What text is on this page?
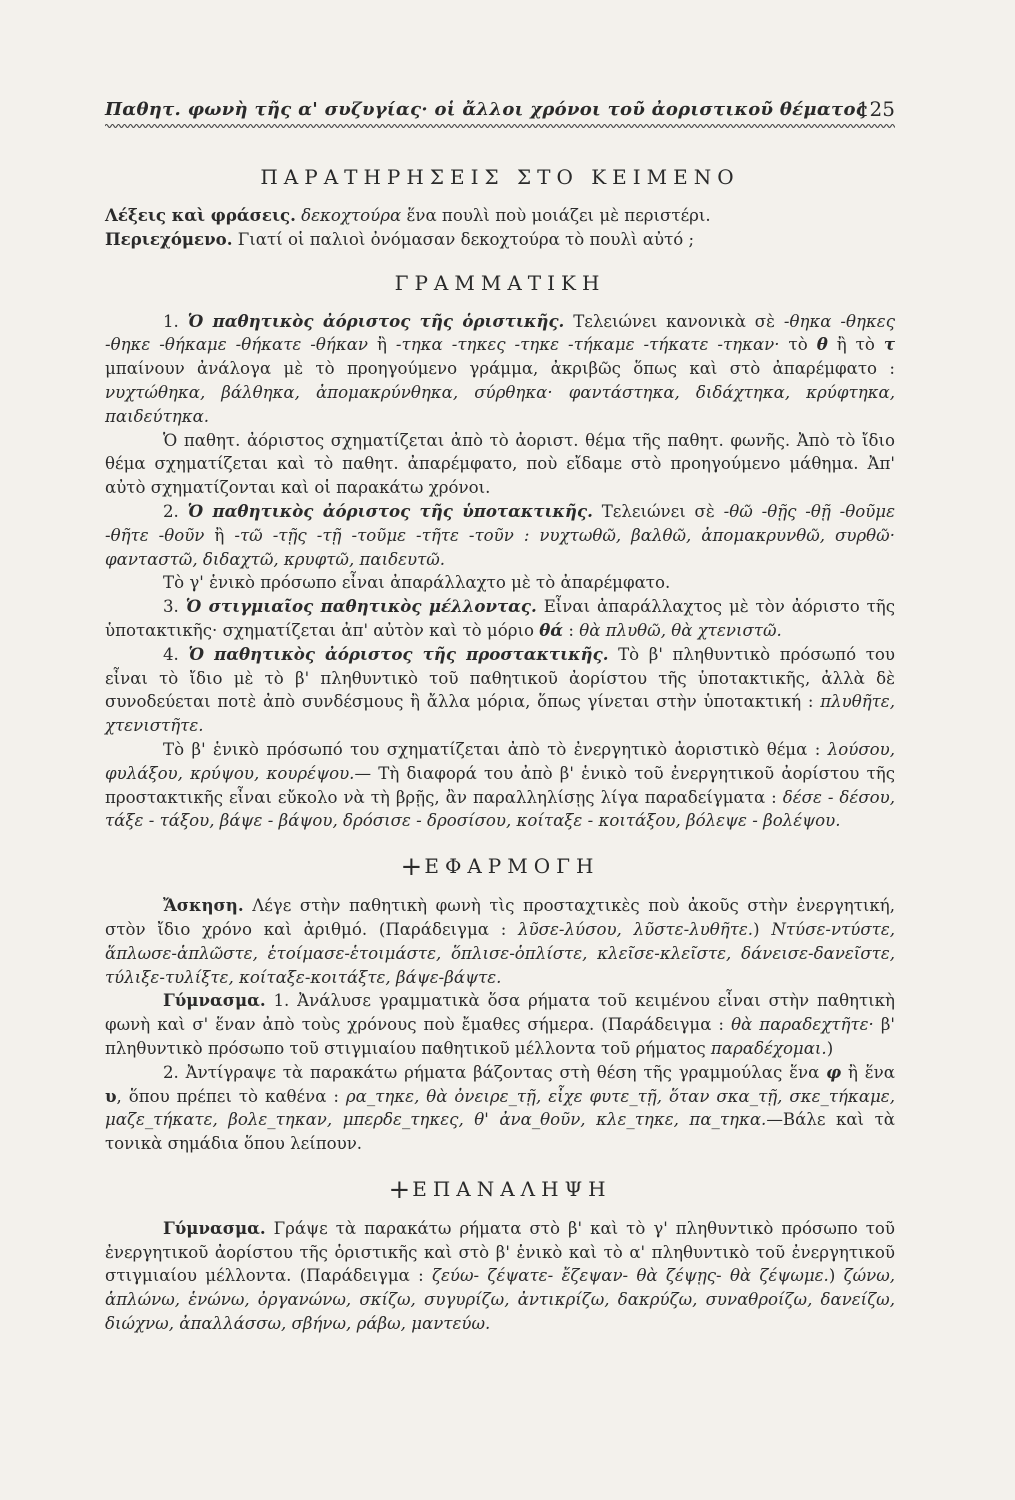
Παθητ. φωνὴ τῆς α' συζυγίας· οἱ ἄλλοι χρόνοι τοῦ ἀοριστικοῦ θέματος
125
ΠΑΡΑΤΗΡΗΣΕΙΣ ΣΤΟ ΚΕΙΜΕΝΟ

Λέξεις καὶ φράσεις. δεκοχτούρα ἕνα πουλὶ ποὺ μοιάζει μὲ περιστέρι.

Περιεχόμενο. Γιατί οἱ παλιοὶ ὀνόμασαν δεκοχτούρα τὸ πουλὶ αὐτό ;

ΓΡΑΜΜΑΤΙΚΗ

1. Ὁ παθητικὸς ἀόριστος τῆς ὁριστικῆς. Τελειώνει κανονικὰ σὲ -θηκα -θηκες -θηκε -θήκαμε -θήκατε -θήκαν ἢ -τηκα -τηκες -τηκε -τήκαμε -τήκατε -τηκαν· τὸ θ ἢ τὸ τ μπαίνουν ἀνάλογα μὲ τὸ προηγούμενο γράμμα, ἀκριβῶς ὅπως καὶ στὸ ἀπαρέμφατο : νυχτώθηκα, βάλθηκα, ἀπομακρύνθηκα, σύρθηκα· φαντάστηκα, διδάχτηκα, κρύφτηκα, παιδεύτηκα.

Ὁ παθητ. ἀόριστος σχηματίζεται ἀπὸ τὸ ἀοριστ. θέμα τῆς παθητ. φωνῆς. Ἀπὸ τὸ ἴδιο θέμα σχηματίζεται καὶ τὸ παθητ. ἀπαρέμφατο, ποὺ εἴδαμε στὸ προηγούμενο μάθημα. Ἀπ' αὐτὸ σχηματίζονται καὶ οἱ παρακάτω χρόνοι.

2. Ὁ παθητικὸς ἀόριστος τῆς ὑποτακτικῆς. Τελειώνει σὲ -θῶ -θῇς -θῇ -θοῦμε -θῆτε -θοῦν ἢ -τῶ -τῇς -τῇ -τοῦμε -τῆτε -τοῦν : νυχτωθῶ, βαλθῶ, ἀπομακρυνθῶ, συρθῶ· φανταστῶ, διδαχτῶ, κρυφτῶ, παιδευτῶ.

Τὸ γ' ἑνικὸ πρόσωπο εἶναι ἀπαράλλαχτο μὲ τὸ ἀπαρέμφατο.

3. Ὁ στιγμιαῖος παθητικὸς μέλλοντας. Εἶναι ἀπαράλλαχτος μὲ τὸν ἀόριστο τῆς ὑποτακτικῆς· σχηματίζεται ἀπ' αὐτὸν καὶ τὸ μόριο θά : θὰ πλυθῶ, θὰ χτενιστῶ.

4. Ὁ παθητικὸς ἀόριστος τῆς προστακτικῆς. Τὸ β' πληθυντικὸ πρόσωπό του εἶναι τὸ ἴδιο μὲ τὸ β' πληθυντικὸ τοῦ παθητικοῦ ἀορίστου τῆς ὑποτακτικῆς, ἀλλὰ δὲ συνοδεύεται ποτὲ ἀπὸ συνδέσμους ἢ ἄλλα μόρια, ὅπως γίνεται στὴν ὑποτακτική : πλυθῆτε, χτενιστῆτε.

Τὸ β' ἑνικὸ πρόσωπό του σχηματίζεται ἀπὸ τὸ ἐνεργητικὸ ἀοριστικὸ θέμα : λούσου, φυλάξου, κρύψου, κουρέψου.— Τὴ διαφορά του ἀπὸ β' ἑνικὸ τοῦ ἐνεργητικοῦ ἀορίστου τῆς προστακτικῆς εἶναι εὔκολο νὰ τὴ βρῇς, ἂν παραλληλίσῃς λίγα παραδείγματα : δέσε - δέσου, τάξε - τάξου, βάψε - βάψου, δρόσισε - δροσίσου, κοίταξε - κοιτάξου, βόλεψε - βολέψου.

+ ΕΦΑΡΜΟΓΗ

Ἄσκηση. Λέγε στὴν παθητικὴ φωνὴ τὶς προσταχτικὲς ποὺ ἀκοῦς στὴν ἐνεργητική, στὸν ἴδιο χρόνο καὶ ἀριθμό. (Παράδειγμα : λῦσε-λύσου, λῦστε-λυθῆτε.) Ντύσε-ντύστε, ἅπλωσε-ἁπλῶστε, ἑτοίμασε-ἑτοιμάστε, ὅπλισε-ὁπλίστε, κλεῖσε-κλεῖστε, δάνεισε-δανεῖστε, τύλιξε-τυλίξτε, κοίταξε-κοιτάξτε, βάψε-βάψτε.

Γύμνασμα. 1. Ἀνάλυσε γραμματικὰ ὅσα ρήματα τοῦ κειμένου εἶναι στὴν παθητικὴ φωνὴ καὶ σ' ἕναν ἀπὸ τοὺς χρόνους ποὺ ἔμαθες σήμερα. (Παράδειγμα : θὰ παραδεχτῆτε· β' πληθυντικὸ πρόσωπο τοῦ στιγμιαίου παθητικοῦ μέλλοντα τοῦ ρήματος παραδέχομαι.)

2. Ἀντίγραψε τὰ παρακάτω ρήματα βάζοντας στὴ θέση τῆς γραμμούλας ἕνα φ ἢ ἕνα υ, ὅπου πρέπει τὸ καθένα : ρα_τηκε, θὰ ὀνειρε_τῇ, εἶχε φυτε_τῇ, ὅταν σκα_τῇ, σκε_τήκαμε, μαζε_τήκατε, βολε_τηκαν, μπερδε_τηκες, θ' ἀνα_θοῦν, κλε_τηκε, πα_τηκα.—Βάλε καὶ τὰ τονικὰ σημάδια ὅπου λείπουν.

+ ΕΠΑΝΑΛΗΨΗ

Γύμνασμα. Γράψε τὰ παρακάτω ρήματα στὸ β' καὶ τὸ γ' πληθυντικὸ πρόσωπο τοῦ ἐνεργητικοῦ ἀορίστου τῆς ὁριστικῆς καὶ στὸ β' ἑνικὸ καὶ τὸ α' πληθυντικὸ τοῦ ἐνεργητικοῦ στιγμιαίου μέλλοντα. (Παράδειγμα : ζεύω- ζέψατε- ἔζεψαν- θὰ ζέψῃς- θὰ ζέψωμε.) ζώνω, ἁπλώνω, ἑνώνω, ὀργανώνω, σκίζω, συγυρίζω, ἀντικρίζω, δακρύζω, συναθροίζω, δανείζω, διώχνω, ἀπαλλάσσω, σβήνω, ράβω, μαντεύω.
